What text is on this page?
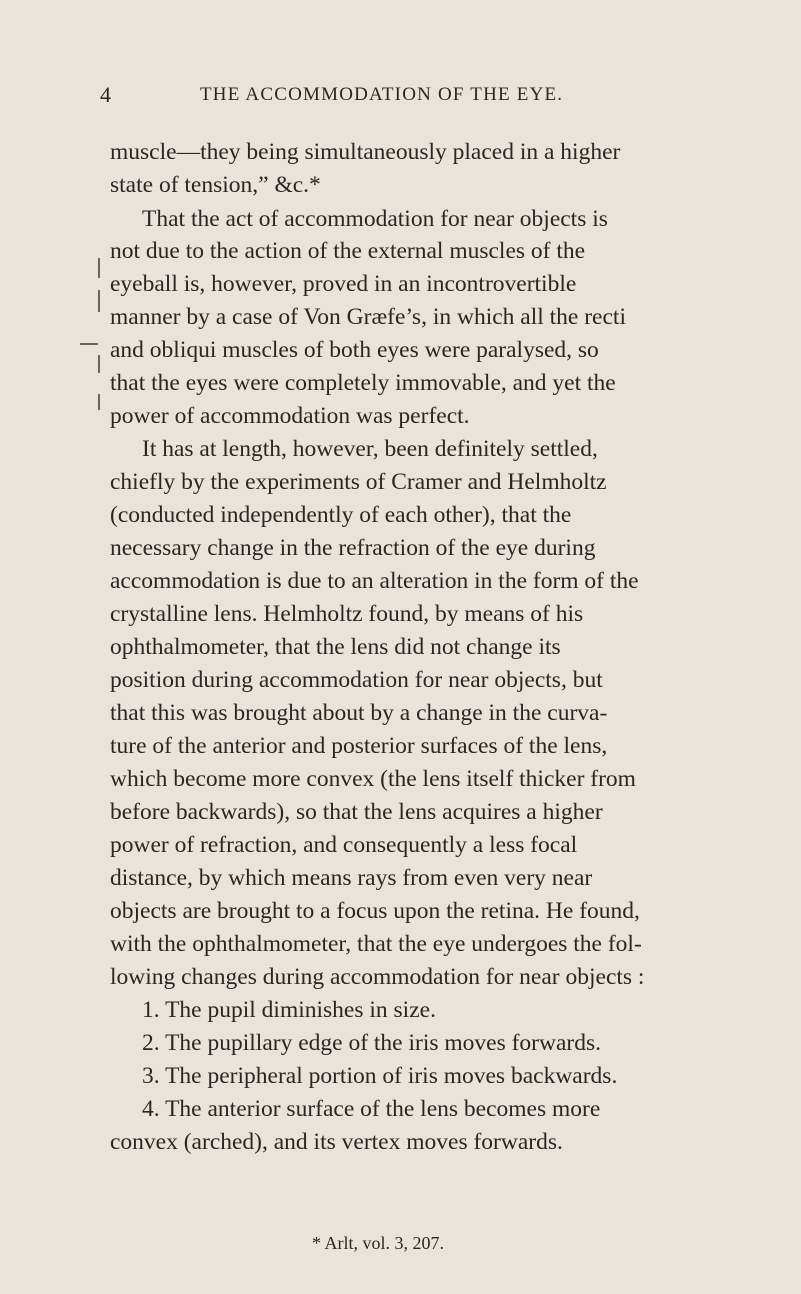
4	THE ACCOMMODATION OF THE EYE.
muscle—they being simultaneously placed in a higher
state of tension,” &c.*
That the act of accommodation for near objects is
not due to the action of the external muscles of the
eyeball is, however, proved in an incontrovertible
manner by a case of Von Græfe’s, in which all the recti
and obliqui muscles of both eyes were paralysed, so
that the eyes were completely immovable, and yet the
power of accommodation was perfect.
It has at length, however, been definitely settled,
chiefly by the experiments of Cramer and Helmholtz
(conducted independently of each other), that the
necessary change in the refraction of the eye during
accommodation is due to an alteration in the form of the
crystalline lens. Helmholtz found, by means of his
ophthalmometer, that the lens did not change its
position during accommodation for near objects, but
that this was brought about by a change in the curva-
ture of the anterior and posterior surfaces of the lens,
which become more convex (the lens itself thicker from
before backwards), so that the lens acquires a higher
power of refraction, and consequently a less focal
distance, by which means rays from even very near
objects are brought to a focus upon the retina. He found,
with the ophthalmometer, that the eye undergoes the fol-
lowing changes during accommodation for near objects :
1. The pupil diminishes in size.
2. The pupillary edge of the iris moves forwards.
3. The peripheral portion of iris moves backwards.
4. The anterior surface of the lens becomes more
convex (arched), and its vertex moves forwards.
* Arlt, vol. 3, 207.
